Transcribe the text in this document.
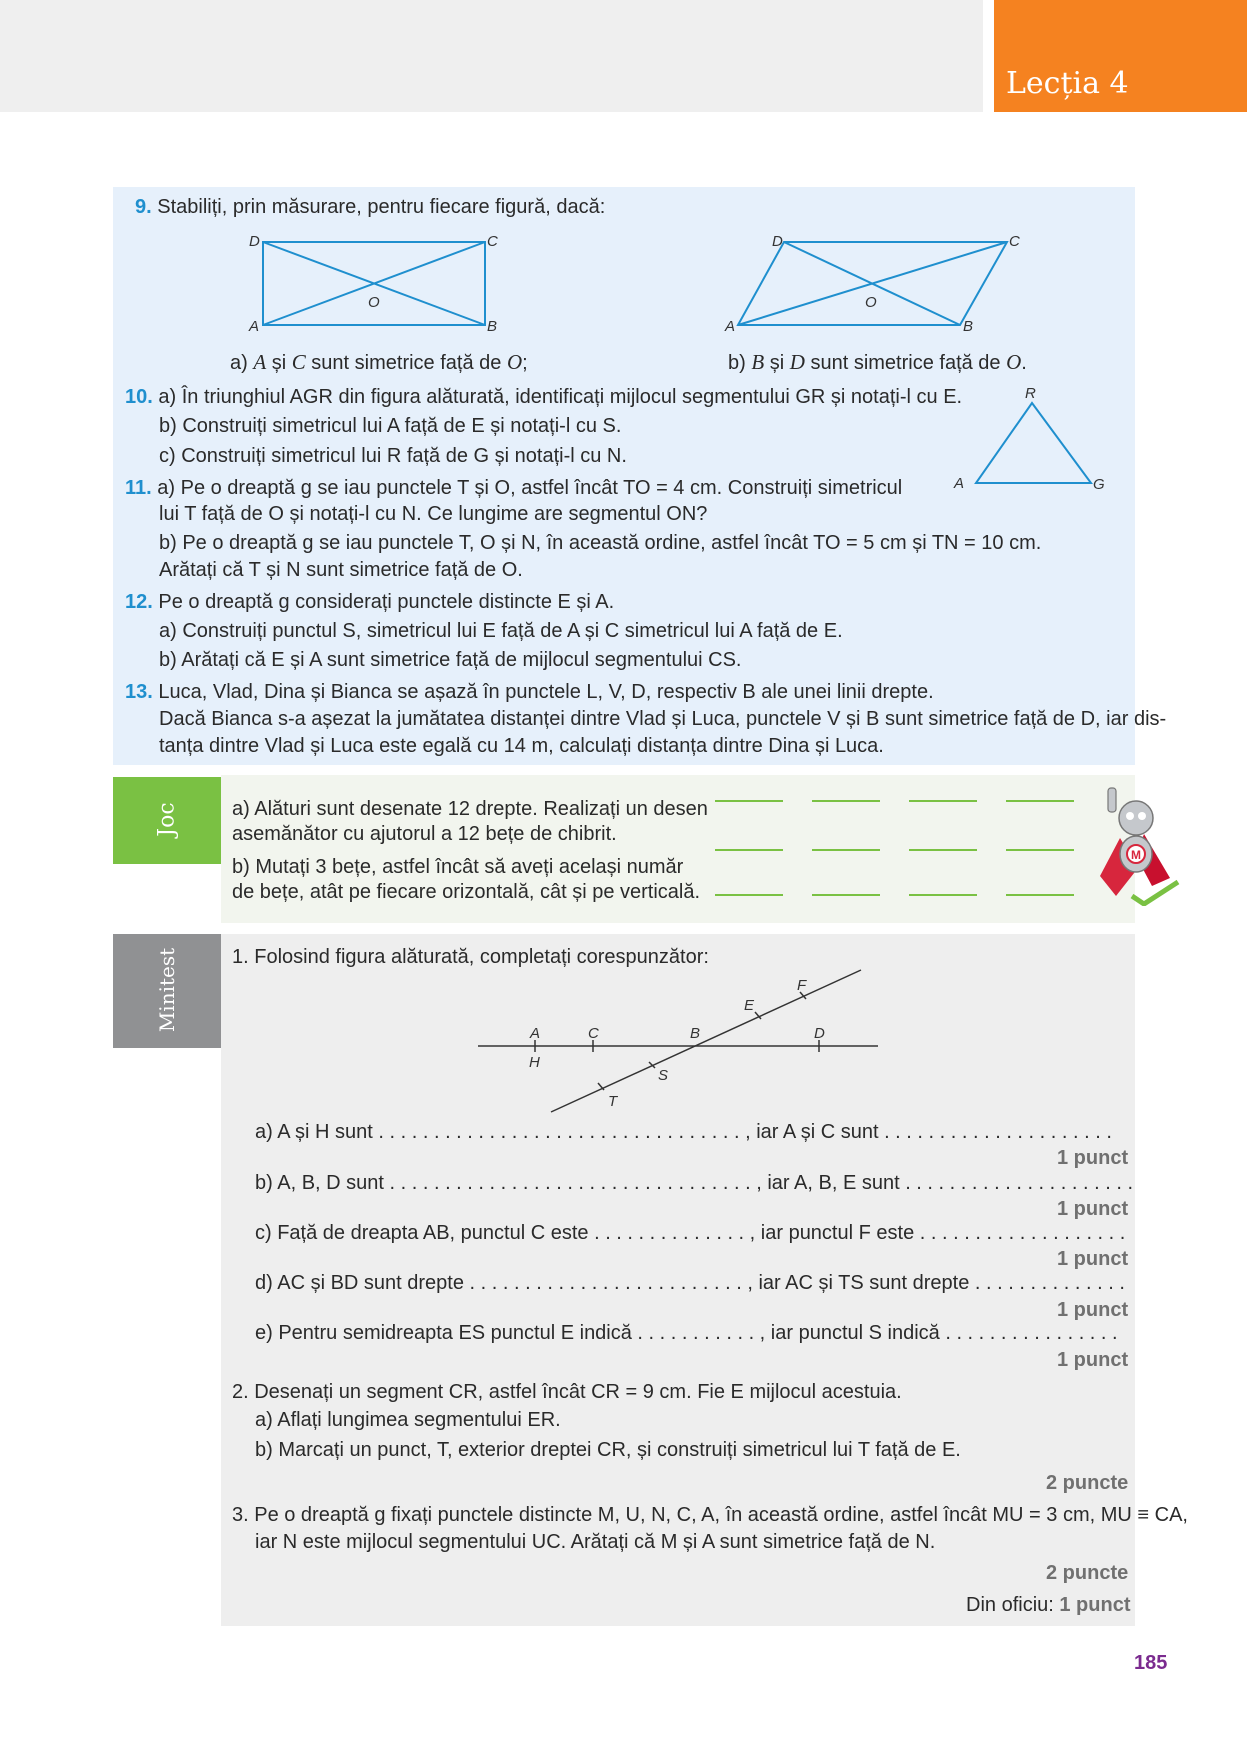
Lecția 4
9. Stabiliți, prin măsurare, pentru fiecare figură, dacă:
D	C
A	B
O
D	C
A	B
O
a) A și C sunt simetrice față de O;	b) B și D sunt simetrice față de O.
10. a) În triunghiul AGR din figura alăturată, identificați mijlocul segmentului GR și notați-l cu E.
b) Construiți simetricul lui A față de E și notați-l cu S.
c) Construiți simetricul lui R față de G și notați-l cu N.
R
A	G
11. a) Pe o dreaptă g se iau punctele T și O, astfel încât TO = 4 cm. Construiți simetricul
lui T față de O și notați-l cu N. Ce lungime are segmentul ON?
b) Pe o dreaptă g se iau punctele T, O și N, în această ordine, astfel încât TO = 5 cm și TN = 10 cm.
Arătați că T și N sunt simetrice față de O.
12. Pe o dreaptă g considerați punctele distincte E și A.
a) Construiți punctul S, simetricul lui E față de A și C simetricul lui A față de E.
b) Arătați că E și A sunt simetrice față de mijlocul segmentului CS.
13. Luca, Vlad, Dina și Bianca se așază în punctele L, V, D, respectiv B ale unei linii drepte.
Dacă Bianca s-a așezat la jumătatea distanței dintre Vlad și Luca, punctele V și B sunt simetrice față de D, iar dis-
tanța dintre Vlad și Luca este egală cu 14 m, calculați distanța dintre Dina și Luca.
Joc	a) Alături sunt desenate 12 drepte. Realizați un desen
asemănător cu ajutorul a 12 bețe de chibrit.
b) Mutați 3 bețe, astfel încât să aveți același număr
de bețe, atât pe fiecare orizontală, cât și pe verticală.
M
Minitest	1. Folosind figura alăturată, completați corespunzător:
A	C	B	D
H
S
T
E
F
a) A și H sunt . . . . . . . . . . . . . . . . . . . . . . . . . . . . . . . . . , iar A și C sunt . . . . . . . . . . . . . . . . . . . . .
1 punct
b) A, B, D sunt . . . . . . . . . . . . . . . . . . . . . . . . . . . . . . . . . , iar A, B, E sunt . . . . . . . . . . . . . . . . . . . . .
1 punct
c) Față de dreapta AB, punctul C este . . . . . . . . . . . . . . , iar punctul F este . . . . . . . . . . . . . . . . . . .
1 punct
d) AC și BD sunt drepte . . . . . . . . . . . . . . . . . . . . . . . . . , iar AC și TS sunt drepte . . . . . . . . . . . . . .
1 punct
e) Pentru semidreapta ES punctul E indică . . . . . . . . . . . , iar punctul S indică . . . . . . . . . . . . . . . .
1 punct
2. Desenați un segment CR, astfel încât CR = 9 cm. Fie E mijlocul acestuia.
a) Aflați lungimea segmentului ER.
b) Marcați un punct, T, exterior dreptei CR, și construiți simetricul lui T față de E.
2 puncte
3. Pe o dreaptă g fixați punctele distincte M, U, N, C, A, în această ordine, astfel încât MU = 3 cm, MU ≡ CA,
iar N este mijlocul segmentului UC. Arătați că M și A sunt simetrice față de N.
2 puncte
Din oficiu: 1 punct
185
